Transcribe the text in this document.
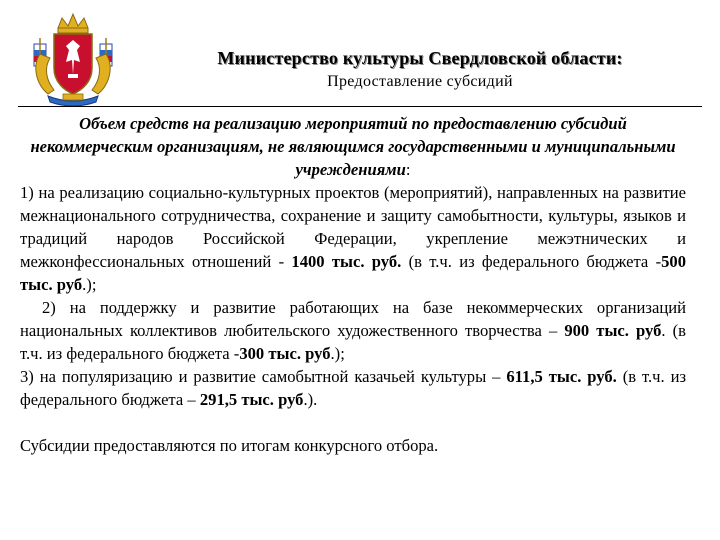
Министерство культуры Свердловской области:
Предоставление субсидий
Объем средств на реализацию мероприятий по предоставлению субсидий некоммерческим организациям, не являющимся государственными и муниципальными учреждениями:
1) на реализацию социально-культурных проектов (мероприятий), направленных на развитие межнационального сотрудничества, сохранение и защиту самобытности, культуры, языков и традиций народов Российской Федерации, укрепление межэтнических и межконфессиональных отношений - 1400 тыс. руб. (в т.ч. из федерального бюджета -500 тыс. руб.);
2) на поддержку и развитие работающих на базе некоммерческих организаций национальных коллективов любительского художественного творчества – 900 тыс. руб. (в т.ч. из федерального бюджета -300 тыс. руб.);
3) на популяризацию и развитие самобытной казачьей культуры – 611,5 тыс. руб. (в т.ч. из федерального бюджета – 291,5 тыс. руб.).
Субсидии предоставляются по итогам конкурсного отбора.
